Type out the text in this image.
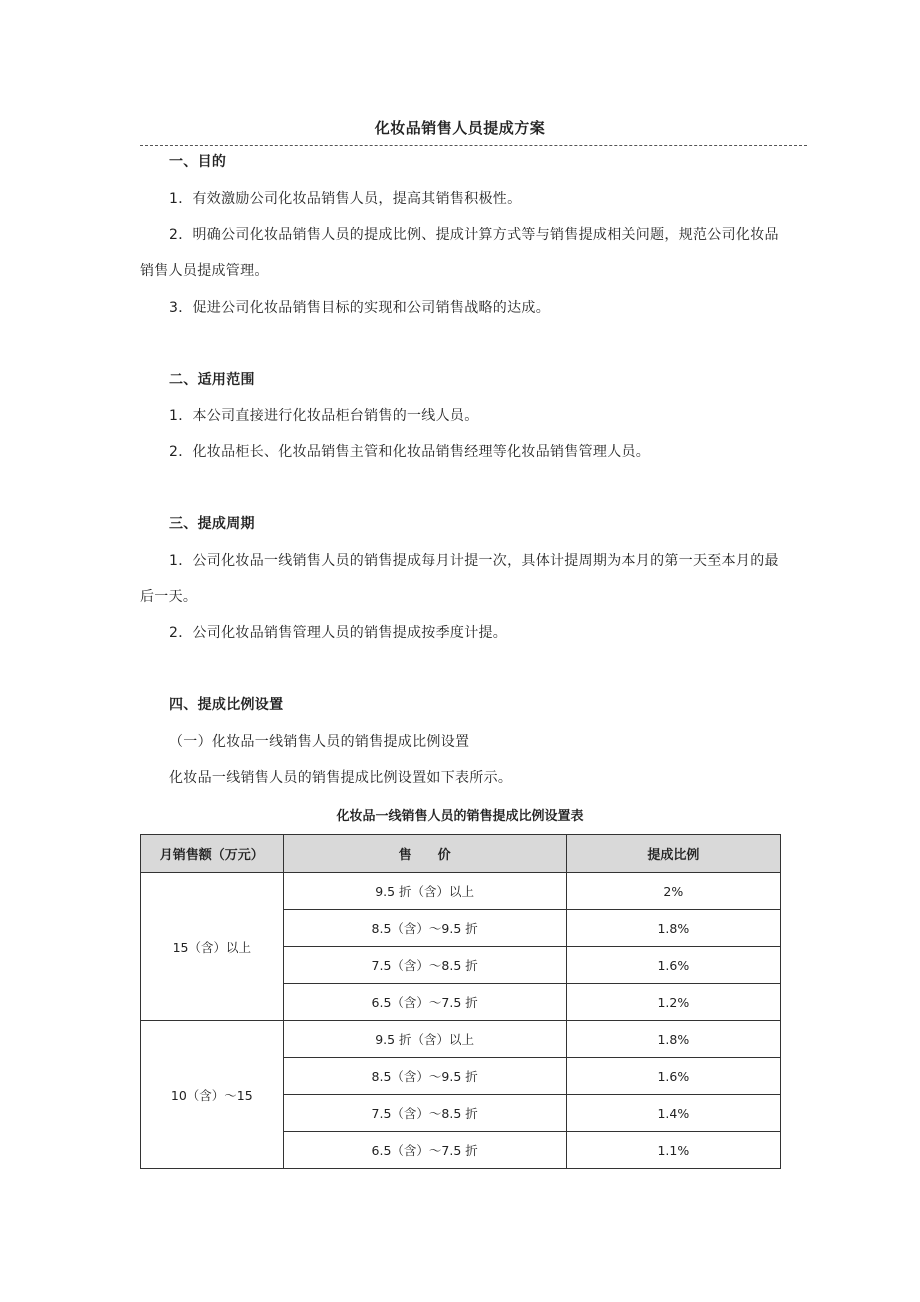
化妆品销售人员提成方案
一、目的
1．有效激励公司化妆品销售人员，提高其销售积极性。
2．明确公司化妆品销售人员的提成比例、提成计算方式等与销售提成相关问题，规范公司化妆品销售人员提成管理。
3．促进公司化妆品销售目标的实现和公司销售战略的达成。
二、适用范围
1．本公司直接进行化妆品柜台销售的一线人员。
2．化妆品柜长、化妆品销售主管和化妆品销售经理等化妆品销售管理人员。
三、提成周期
1．公司化妆品一线销售人员的销售提成每月计提一次，具体计提周期为本月的第一天至本月的最后一天。
2．公司化妆品销售管理人员的销售提成按季度计提。
四、提成比例设置
（一）化妆品一线销售人员的销售提成比例设置
化妆品一线销售人员的销售提成比例设置如下表所示。
化妆品一线销售人员的销售提成比例设置表
月销售额（万元）	售　　价	提成比例
15（含）以上	9.5 折（含）以上	2%
	8.5（含）～9.5 折	1.8%
	7.5（含）～8.5 折	1.6%
	6.5（含）～7.5 折	1.2%
10（含）～15	9.5 折（含）以上	1.8%
	8.5（含）～9.5 折	1.6%
	7.5（含）～8.5 折	1.4%
	6.5（含）～7.5 折	1.1%
